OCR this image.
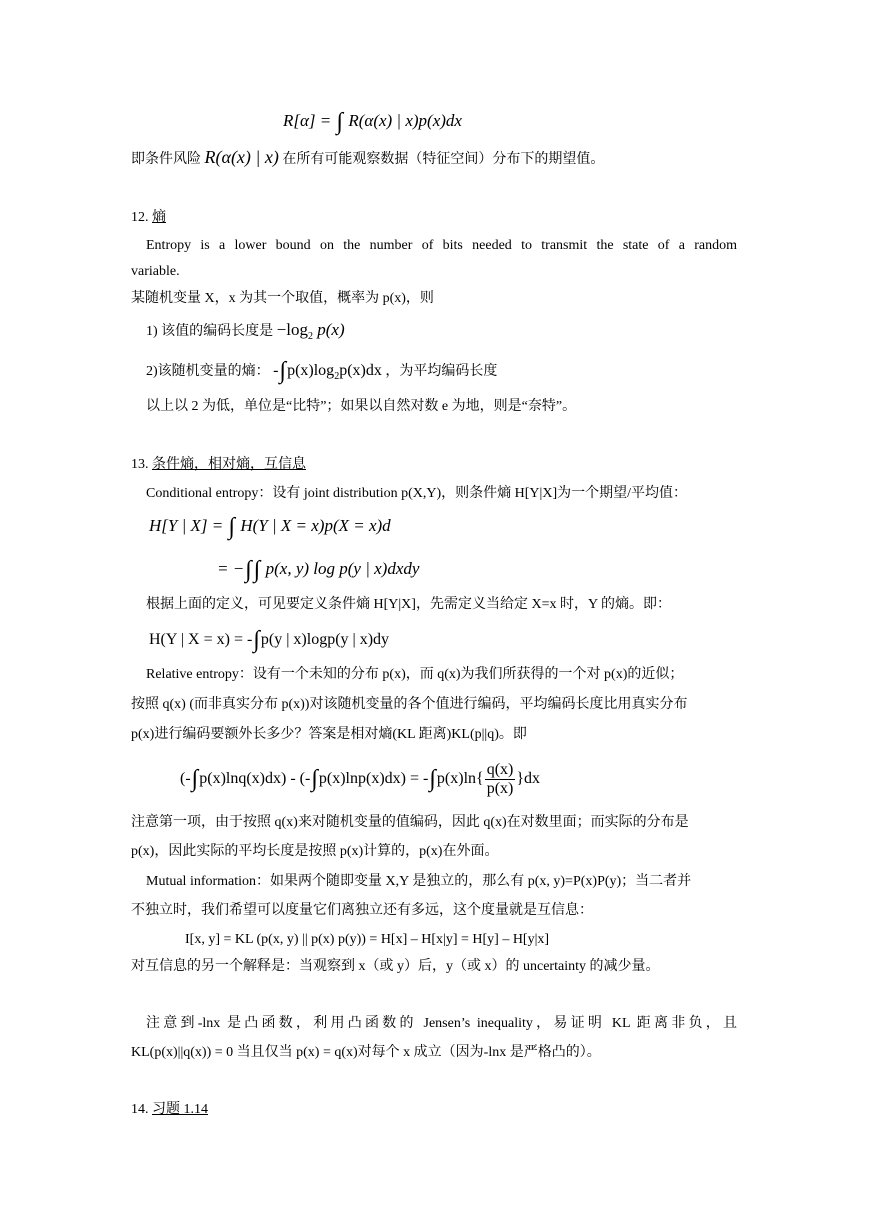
R[α] = ∫ R(α(x) | x)p(x)dx
即条件风险 R(α(x) | x) 在所有可能观察数据（特征空间）分布下的期望值。
12. 熵
Entropy is a lower bound on the number of bits needed to transmit the state of a random
variable.
某随机变量 X，x 为其一个取值，概率为 p(x)，则
1) 该值的编码长度是 $-\log_2$ p(x)
2)该随机变量的熵： $-\int p(x)\log_2p(x)dx$ ，为平均编码长度
以上以 2 为低，单位是“比特”；如果以自然对数 e 为地，则是“奈特”。
13. 条件熵，相对熵，互信息
Conditional entropy：设有 joint distribution p(X,Y)，则条件熵 H[Y|X]为一个期望/平均值：
H[Y | X] = ∫ H(Y | X = x)p(X = x)d
= −∫∫ p(x, y) log p(y | x)dxdy
根据上面的定义，可见要定义条件熵 H[Y|X]，先需定义当给定 X=x 时，Y 的熵。即：
H(Y | X = x) = -∫p(y | x)logp(y | x)dy
Relative entropy：设有一个未知的分布 p(x)，而 q(x)为我们所获得的一个对 p(x)的近似；
按照 q(x) (而非真实分布 p(x))对该随机变量的各个值进行编码，平均编码长度比用真实分布
p(x)进行编码要额外长多少？答案是相对熵(KL 距离)KL(p||q)。即
$(-\int p(x)\ln q(x)dx) - (-\int p(x)\ln p(x)dx) = -\int p(x)\ln\{ \frac{q(x)}{p(x)} \}dx$
注意第一项，由于按照 q(x)来对随机变量的值编码，因此 q(x)在对数里面；而实际的分布是
p(x)，因此实际的平均长度是按照 p(x)计算的，p(x)在外面。
Mutual information：如果两个随即变量 X,Y 是独立的，那么有 p(x, y)=P(x)P(y)；当二者并
不独立时，我们希望可以度量它们离独立还有多远，这个度量就是互信息：
I[x, y] = KL (p(x, y) || p(x) p(y)) = H[x] – H[x|y] = H[y] – H[y|x]
对互信息的另一个解释是：当观察到 x（或 y）后，y（或 x）的 uncertainty 的减少量。
注意到-lnx 是凸函数，利用凸函数的 Jensen’s inequality，易证明 KL 距离非负，且
KL(p(x)||q(x)) = 0 当且仅当 p(x) = q(x)对每个 x 成立（因为-lnx 是严格凸的）。
14. 习题 1.14
